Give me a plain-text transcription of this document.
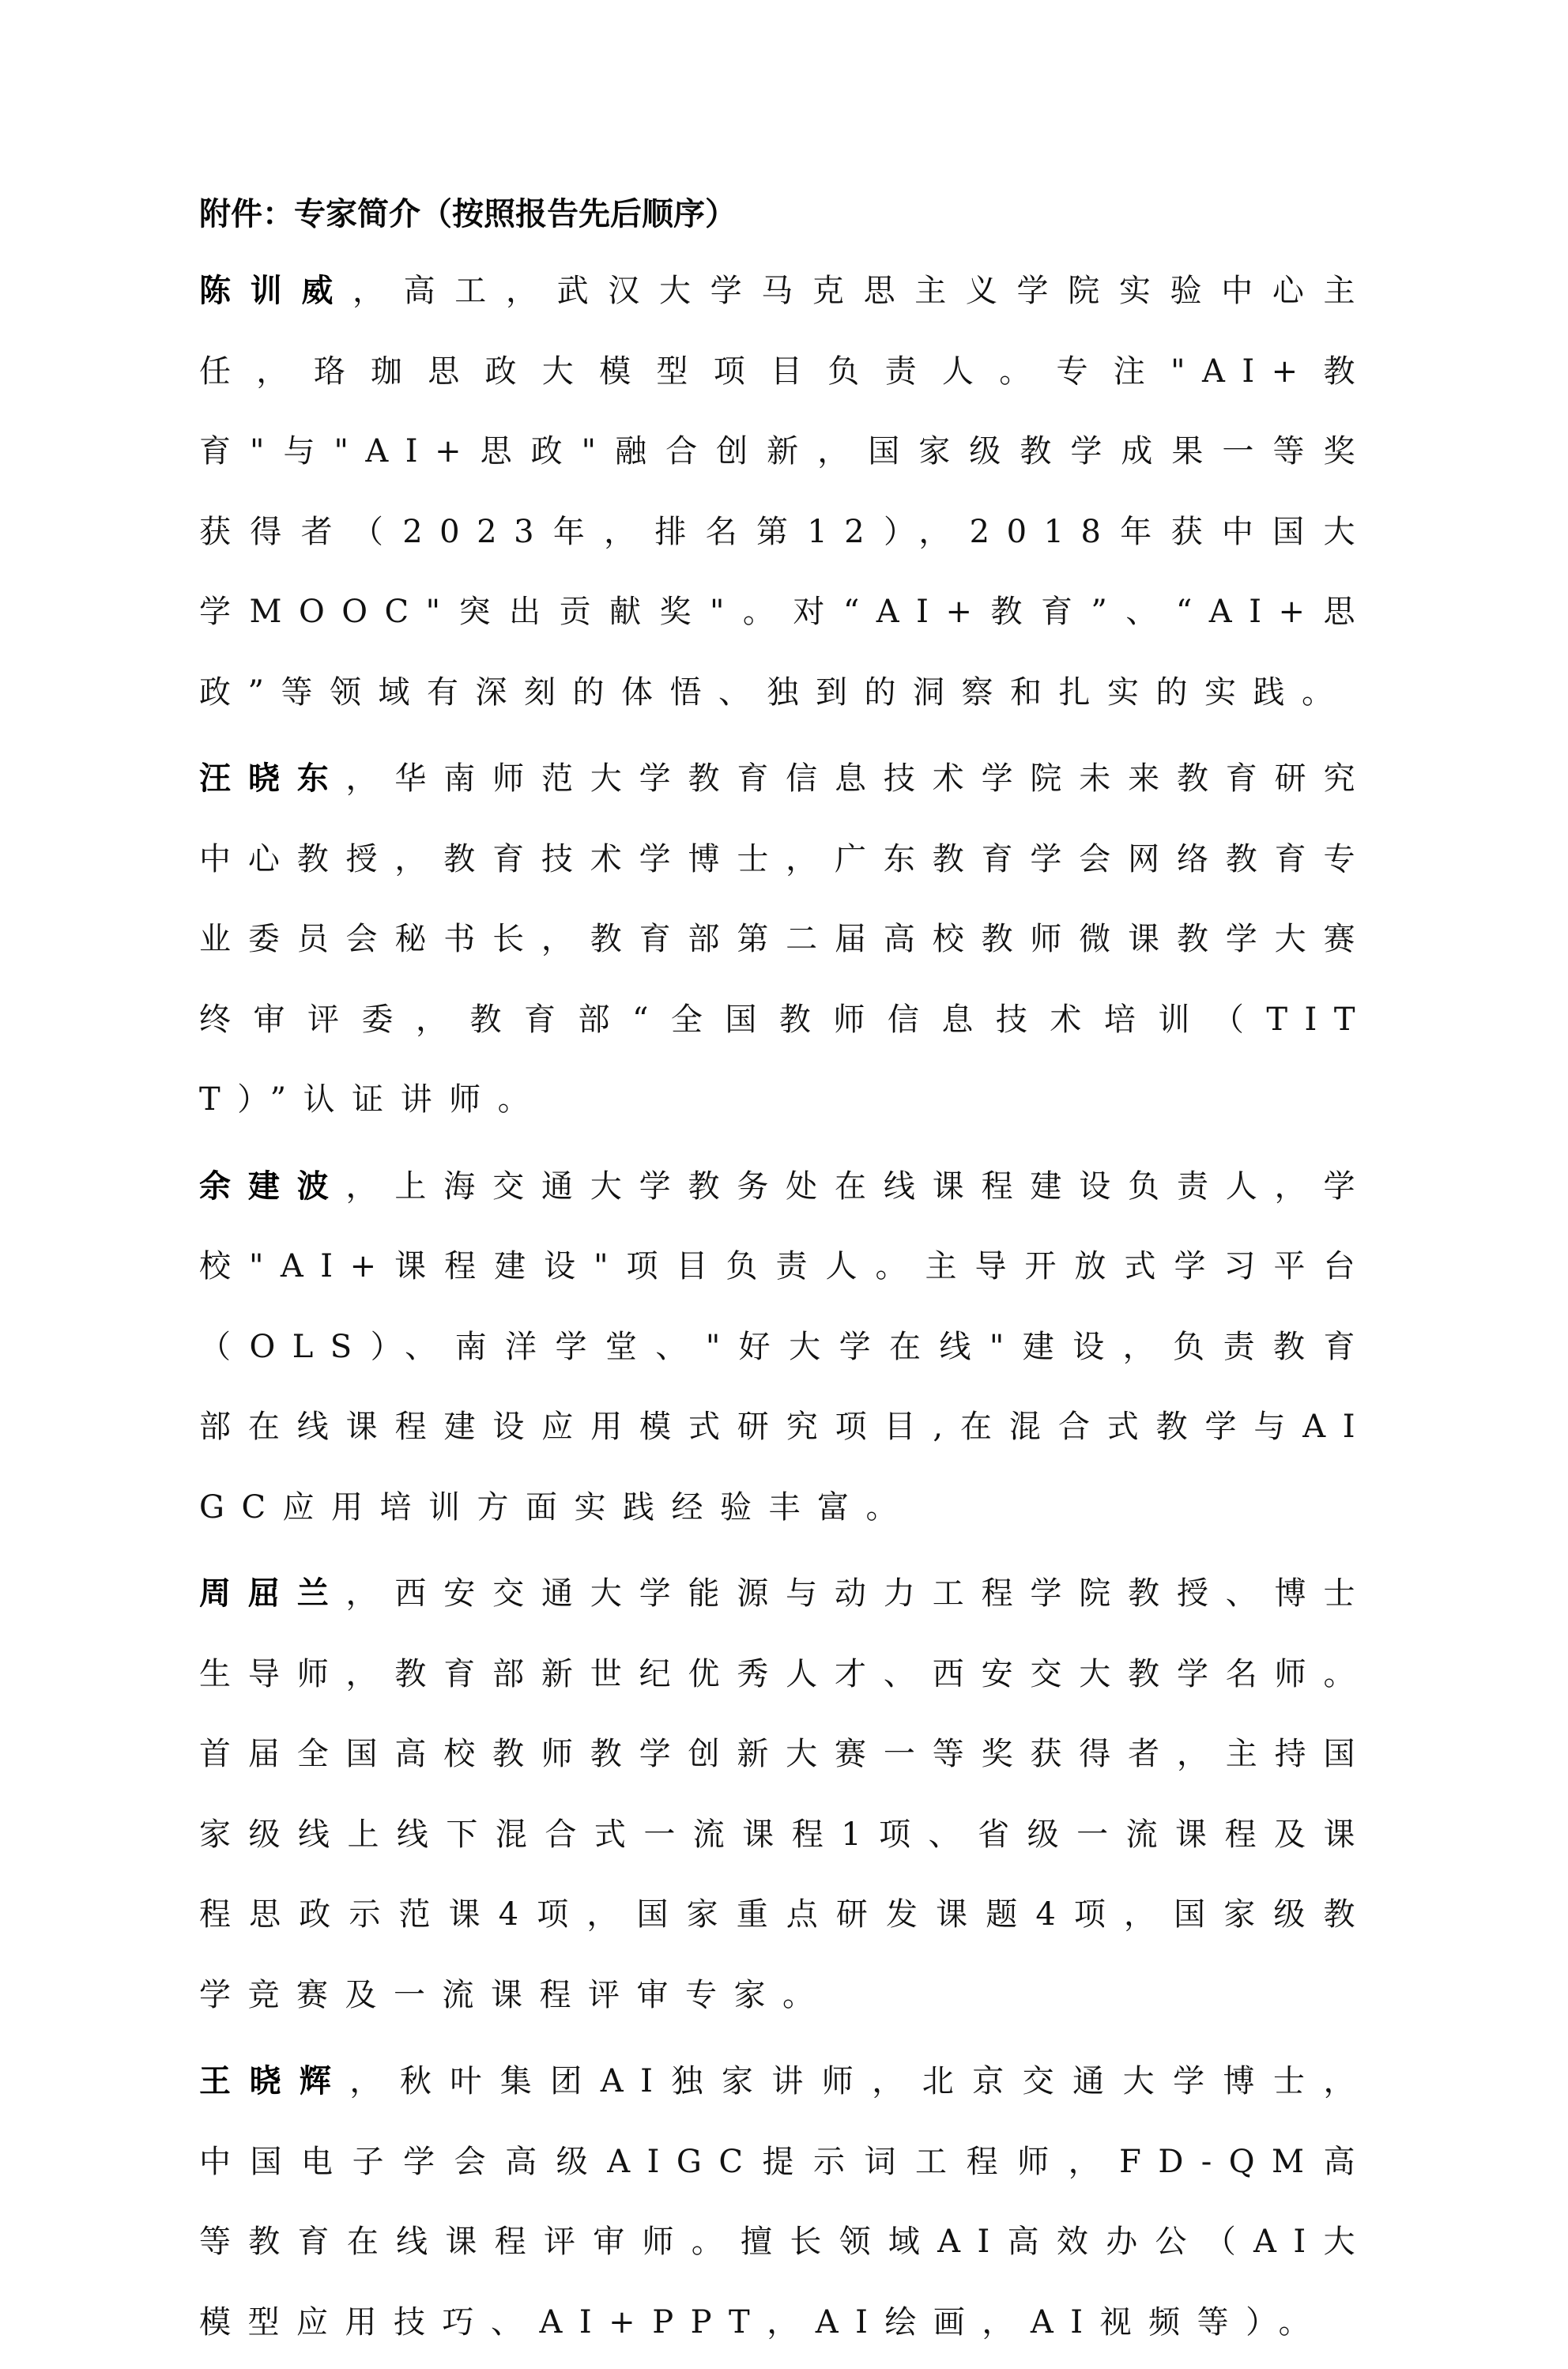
附件：专家简介（按照报告先后顺序）

陈训威，高工，武汉大学马克思主义学院实验中心主任，珞珈思政大模型项目负责人。专注"AI+教育"与"AI+思政"融合创新，国家级教学成果一等奖获得者（2023年，排名第12），2018年获中国大学MOOC"突出贡献奖"。对“AI+教育”、“AI+思政”等领域有深刻的体悟、独到的洞察和扎实的实践。

汪晓东，华南师范大学教育信息技术学院未来教育研究中心教授，教育技术学博士，广东教育学会网络教育专业委员会秘书长，教育部第二届高校教师微课教学大赛终审评委，教育部“全国教师信息技术培训（TITT）”认证讲师。

余建波，上海交通大学教务处在线课程建设负责人，学校"AI+课程建设"项目负责人。主导开放式学习平台（OLS）、南洋学堂、"好大学在线"建设，负责教育部在线课程建设应用模式研究项目,在混合式教学与AIGC应用培训方面实践经验丰富。

周屈兰，西安交通大学能源与动力工程学院教授、博士生导师，教育部新世纪优秀人才、西安交大教学名师。首届全国高校教师教学创新大赛一等奖获得者，主持国家级线上线下混合式一流课程1项、省级一流课程及课程思政示范课4项，国家重点研发课题4项，国家级教学竞赛及一流课程评审专家。

王晓辉，秋叶集团AI独家讲师，北京交通大学博士，中国电子学会高级AIGC提示词工程师，FD-QM高等教育在线课程评审师。擅长领域AI高效办公（AI大模型应用技巧、AI+PPT，AI绘画，AI视频等）。
